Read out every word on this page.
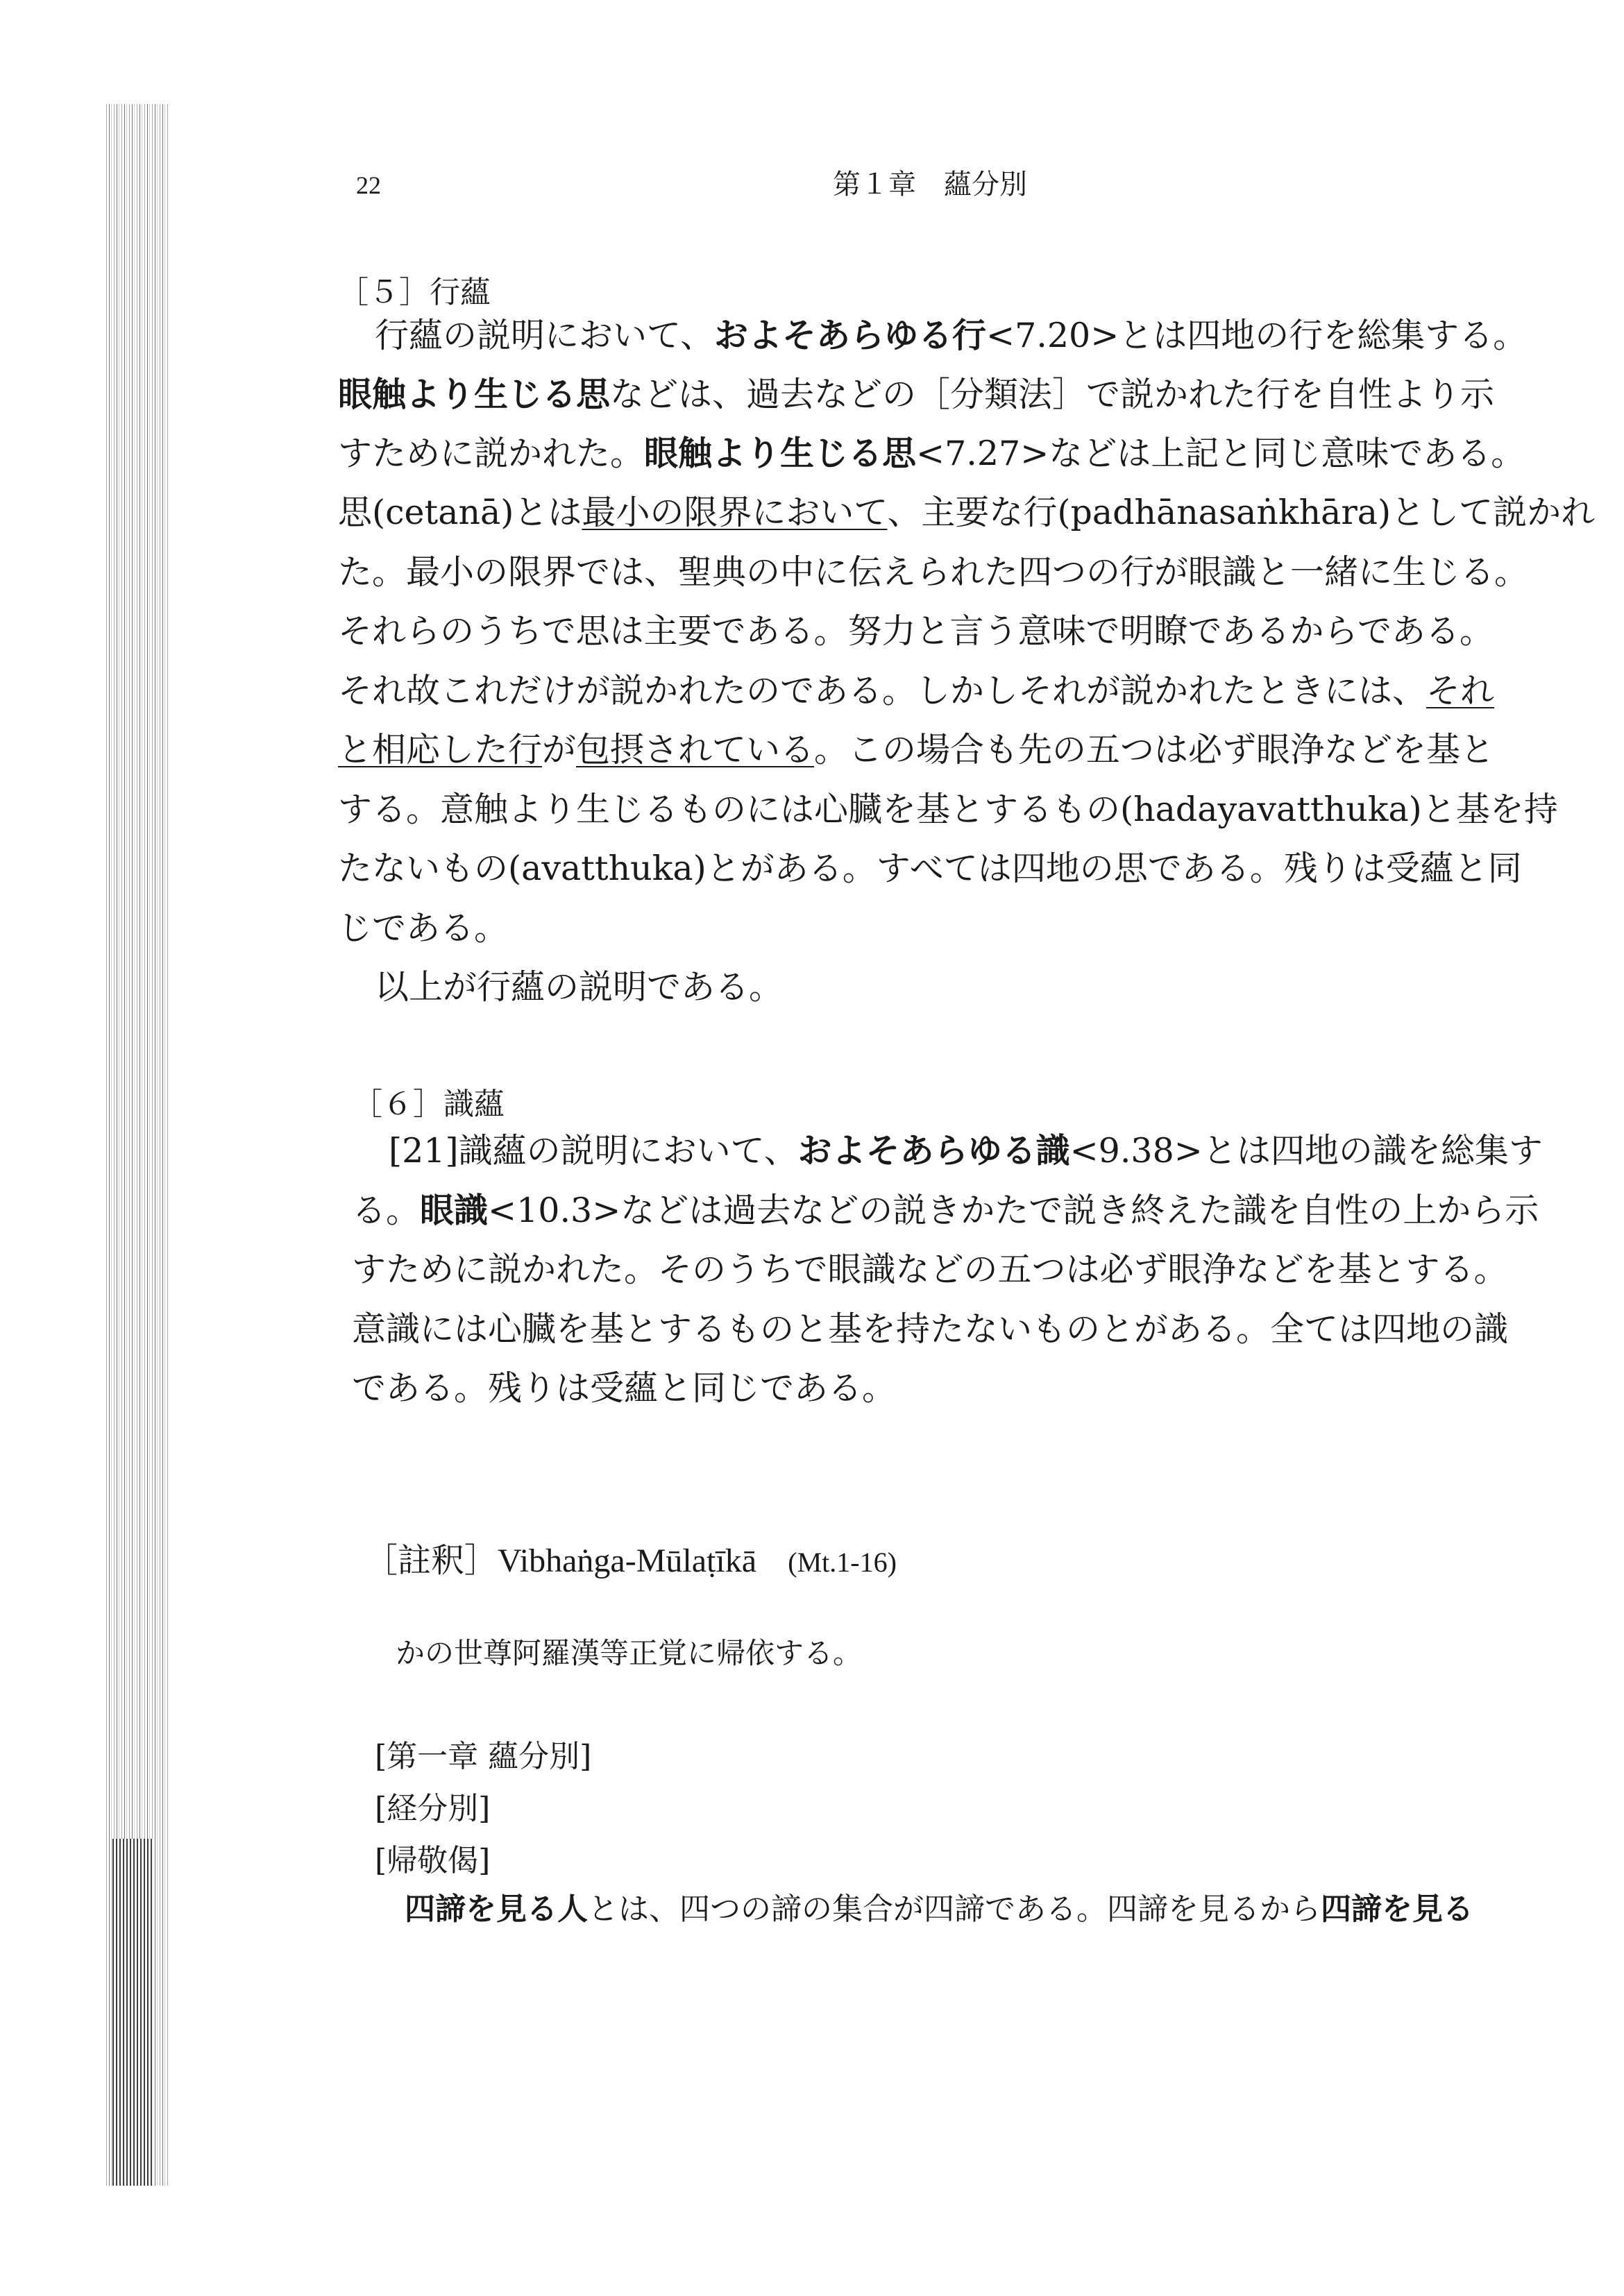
22	第１章　蘊分別
［５］行蘊
行蘊の説明において、およそあらゆる行<7.20>とは四地の行を総集する。
眼触より生じる思などは、過去などの［分類法］で説かれた行を自性より示
すために説かれた。眼触より生じる思<7.27>などは上記と同じ意味である。
思(cetanā)とは最小の限界において、主要な行(padhānasaṅkhāra)として説かれ
た。最小の限界では、聖典の中に伝えられた四つの行が眼識と一緒に生じる。
それらのうちで思は主要である。努力と言う意味で明瞭であるからである。
それ故これだけが説かれたのである。しかしそれが説かれたときには、それ
と相応した行が包摂されている。この場合も先の五つは必ず眼浄などを基と
する。意触より生じるものには心臓を基とするもの(hadayavatthuka)と基を持
たないもの(avatthuka)とがある。すべては四地の思である。残りは受蘊と同
じである。
以上が行蘊の説明である。
［６］識蘊
[21]識蘊の説明において、およそあらゆる識<9.38>とは四地の識を総集す
る。眼識<10.3>などは過去などの説きかたで説き終えた識を自性の上から示
すために説かれた。そのうちで眼識などの五つは必ず眼浄などを基とする。
意識には心臓を基とするものと基を持たないものとがある。全ては四地の識
である。残りは受蘊と同じである。
［註釈］Vibhaṅga-Mūlaṭīkā (Mt.1-16)
かの世尊阿羅漢等正覚に帰依する。
[第一章 蘊分別]
[経分別]
[帰敬偈]
四諦を見る人とは、四つの諦の集合が四諦である。四諦を見るから四諦を見る
